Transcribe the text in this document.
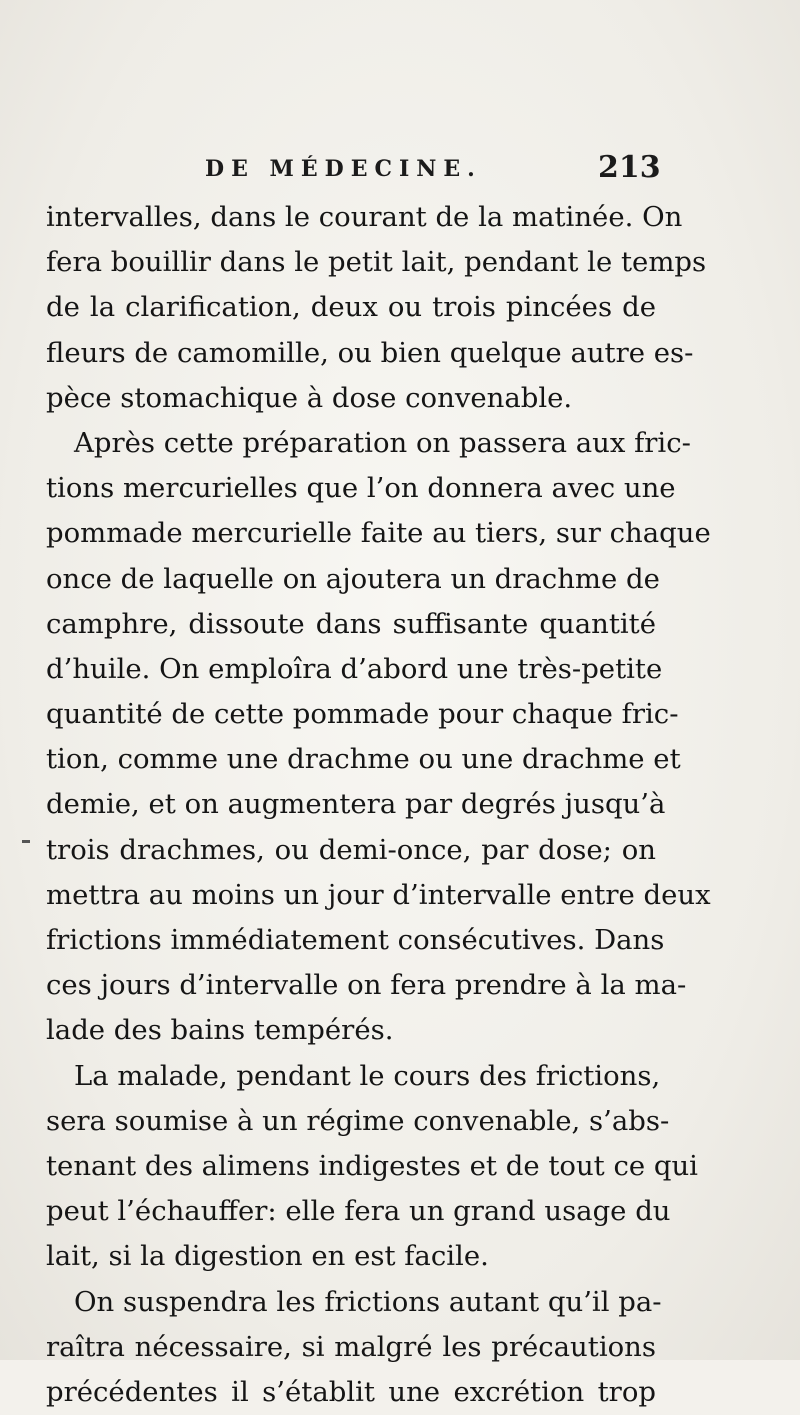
DE MÉDECINE.	213
intervalles, dans le courant de la matinée. On
fera bouillir dans le petit lait, pendant le temps
de la clarification, deux ou trois pincées de
fleurs de camomille, ou bien quelque autre es-
pèce stomachique à dose convenable.
Après cette préparation on passera aux fric-
tions mercurielles que l’on donnera avec une
pommade mercurielle faite au tiers, sur chaque
once de laquelle on ajoutera un drachme de
camphre, dissoute dans suffisante quantité
d’huile. On emploîra d’abord une très-petite
quantité de cette pommade pour chaque fric-
tion, comme une drachme ou une drachme et
demie, et on augmentera par degrés jusqu’à
trois drachmes, ou demi-once, par dose; on
mettra au moins un jour d’intervalle entre deux
frictions immédiatement consécutives. Dans
ces jours d’intervalle on fera prendre à la ma-
lade des bains tempérés.
La malade, pendant le cours des frictions,
sera soumise à un régime convenable, s’abs-
tenant des alimens indigestes et de tout ce qui
peut l’échauffer: elle fera un grand usage du
lait, si la digestion en est facile.
On suspendra les frictions autant qu’il pa-
raîtra nécessaire, si malgré les précautions
précédentes il s’établit une excrétion trop
